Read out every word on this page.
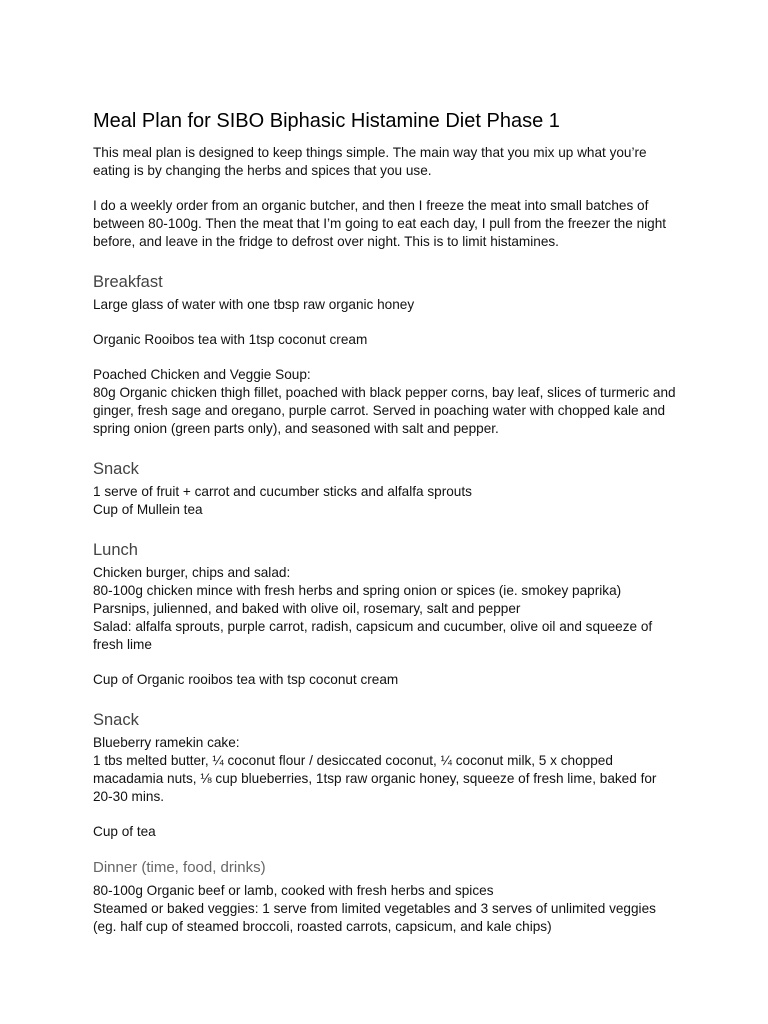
Meal Plan for SIBO Biphasic Histamine Diet Phase 1

This meal plan is designed to keep things simple. The main way that you mix up what you’re eating is by changing the herbs and spices that you use.

I do a weekly order from an organic butcher, and then I freeze the meat into small batches of between 80-100g. Then the meat that I’m going to eat each day, I pull from the freezer the night before, and leave in the fridge to defrost over night. This is to limit histamines.

Breakfast

Large glass of water with one tbsp raw organic honey

Organic Rooibos tea with 1tsp coconut cream

Poached Chicken and Veggie Soup:

80g Organic chicken thigh fillet, poached with black pepper corns, bay leaf, slices of turmeric and ginger, fresh sage and oregano, purple carrot. Served in poaching water with chopped kale and spring onion (green parts only), and seasoned with salt and pepper.

Snack

1 serve of fruit + carrot and cucumber sticks and alfalfa sprouts

Cup of Mullein tea

Lunch

Chicken burger, chips and salad:

80-100g chicken mince with fresh herbs and spring onion or spices (ie. smokey paprika)

Parsnips, julienned, and baked with olive oil, rosemary, salt and pepper

Salad: alfalfa sprouts, purple carrot, radish, capsicum and cucumber, olive oil and squeeze of fresh lime

Cup of Organic rooibos tea with tsp coconut cream

Snack

Blueberry ramekin cake:

1 tbs melted butter, ¼ coconut flour / desiccated coconut, ¼ coconut milk, 5 x chopped macadamia nuts, ⅛ cup blueberries, 1tsp raw organic honey, squeeze of fresh lime, baked for 20-30 mins.

Cup of tea

Dinner (time, food, drinks)

80-100g Organic beef or lamb, cooked with fresh herbs and spices

Steamed or baked veggies: 1 serve from limited vegetables and 3 serves of unlimited veggies (eg. half cup of steamed broccoli, roasted carrots, capsicum, and kale chips)
